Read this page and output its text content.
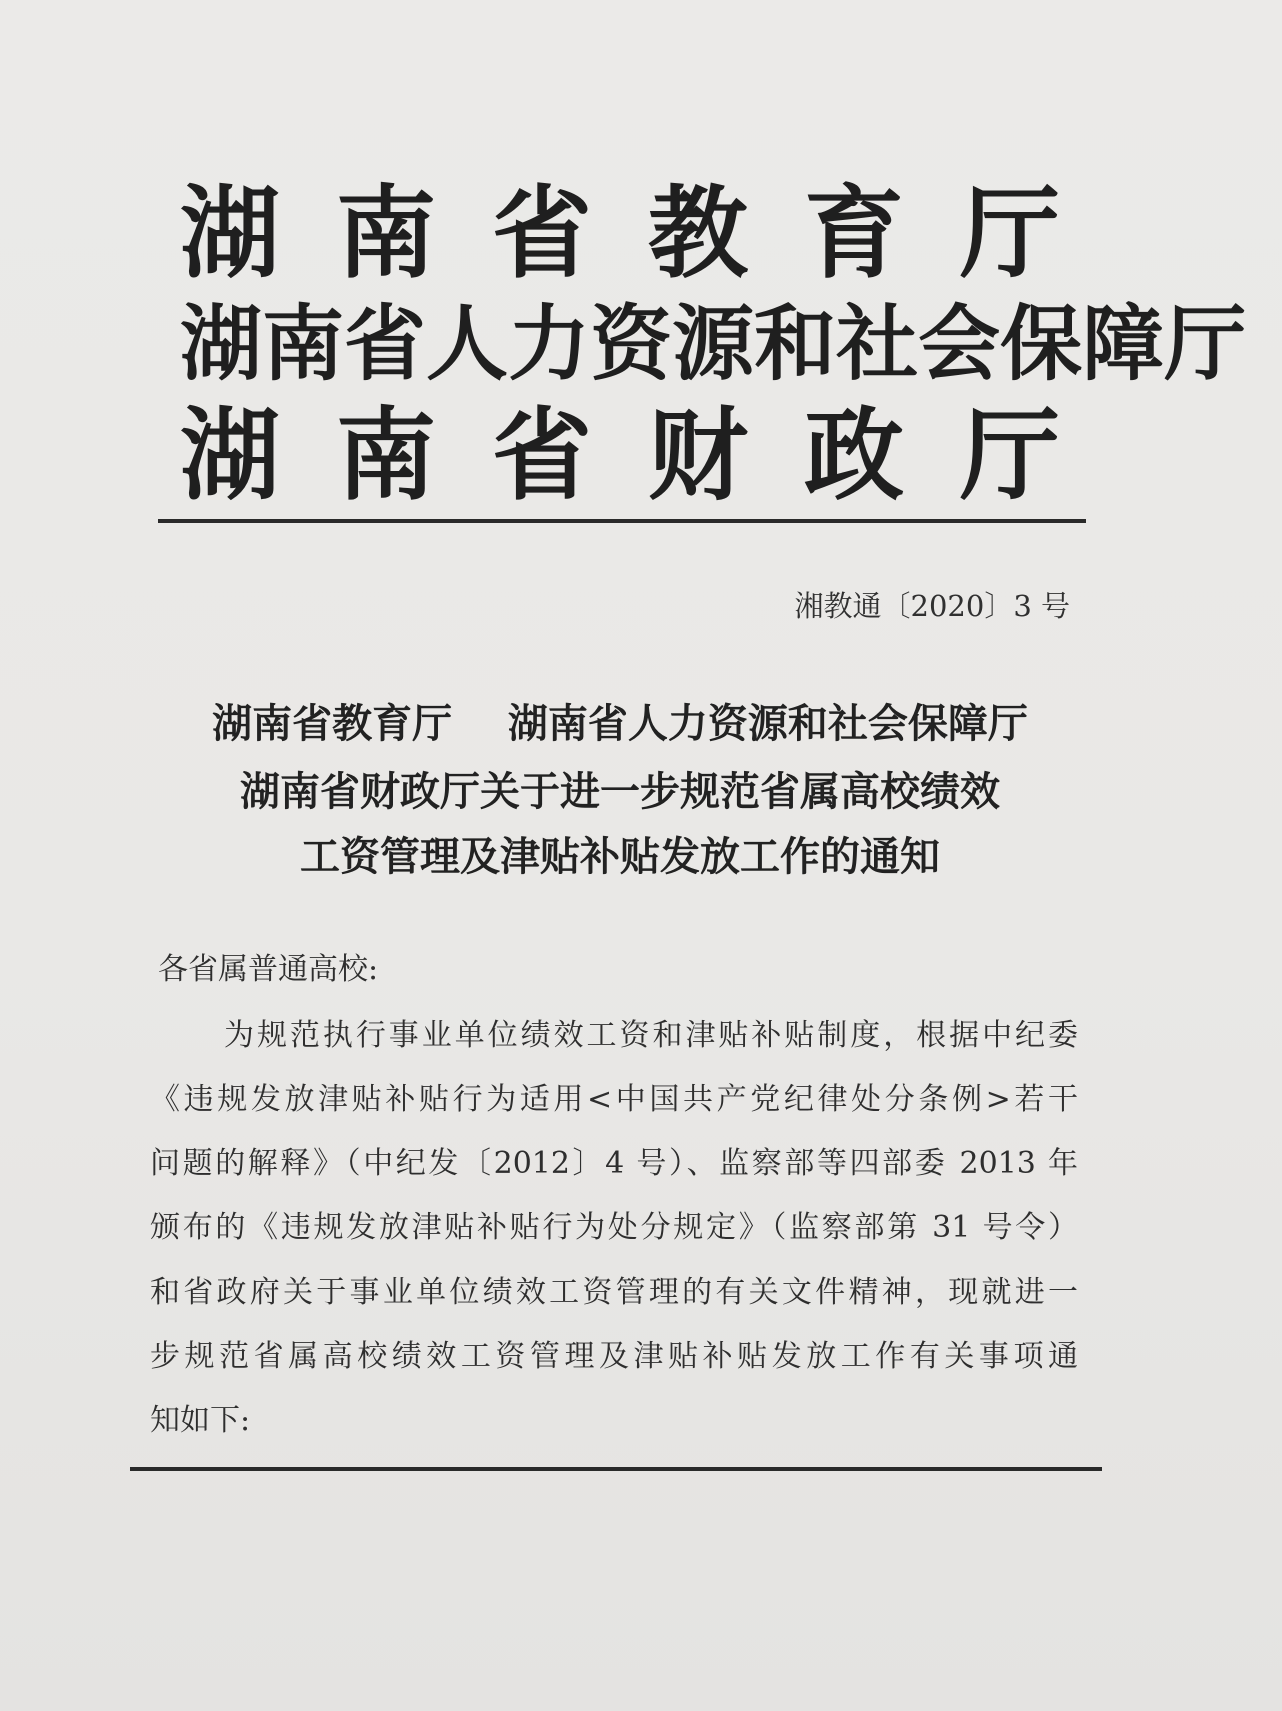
湖 南 省 教 育 厅
湖 南 省 人 力 资 源 和 社 会 保 障 厅
湖 南 省 财 政 厅
湘教通〔2020〕3 号
湖南省教育厅    湖南省人力资源和社会保障厅
湖南省财政厅关于进一步规范省属高校绩效
工资管理及津贴补贴发放工作的通知
各省属普通高校:
为规范执行事业单位绩效工资和津贴补贴制度，根据中纪委
《违规发放津贴补贴行为适用<中国共产党纪律处分条例>若干
问题的解释》（中纪发〔2012〕4 号）、监察部等四部委 2013 年
颁布的《违规发放津贴补贴行为处分规定》（监察部第 31 号令）
和省政府关于事业单位绩效工资管理的有关文件精神，现就进一
步规范省属高校绩效工资管理及津贴补贴发放工作有关事项通
知如下:
